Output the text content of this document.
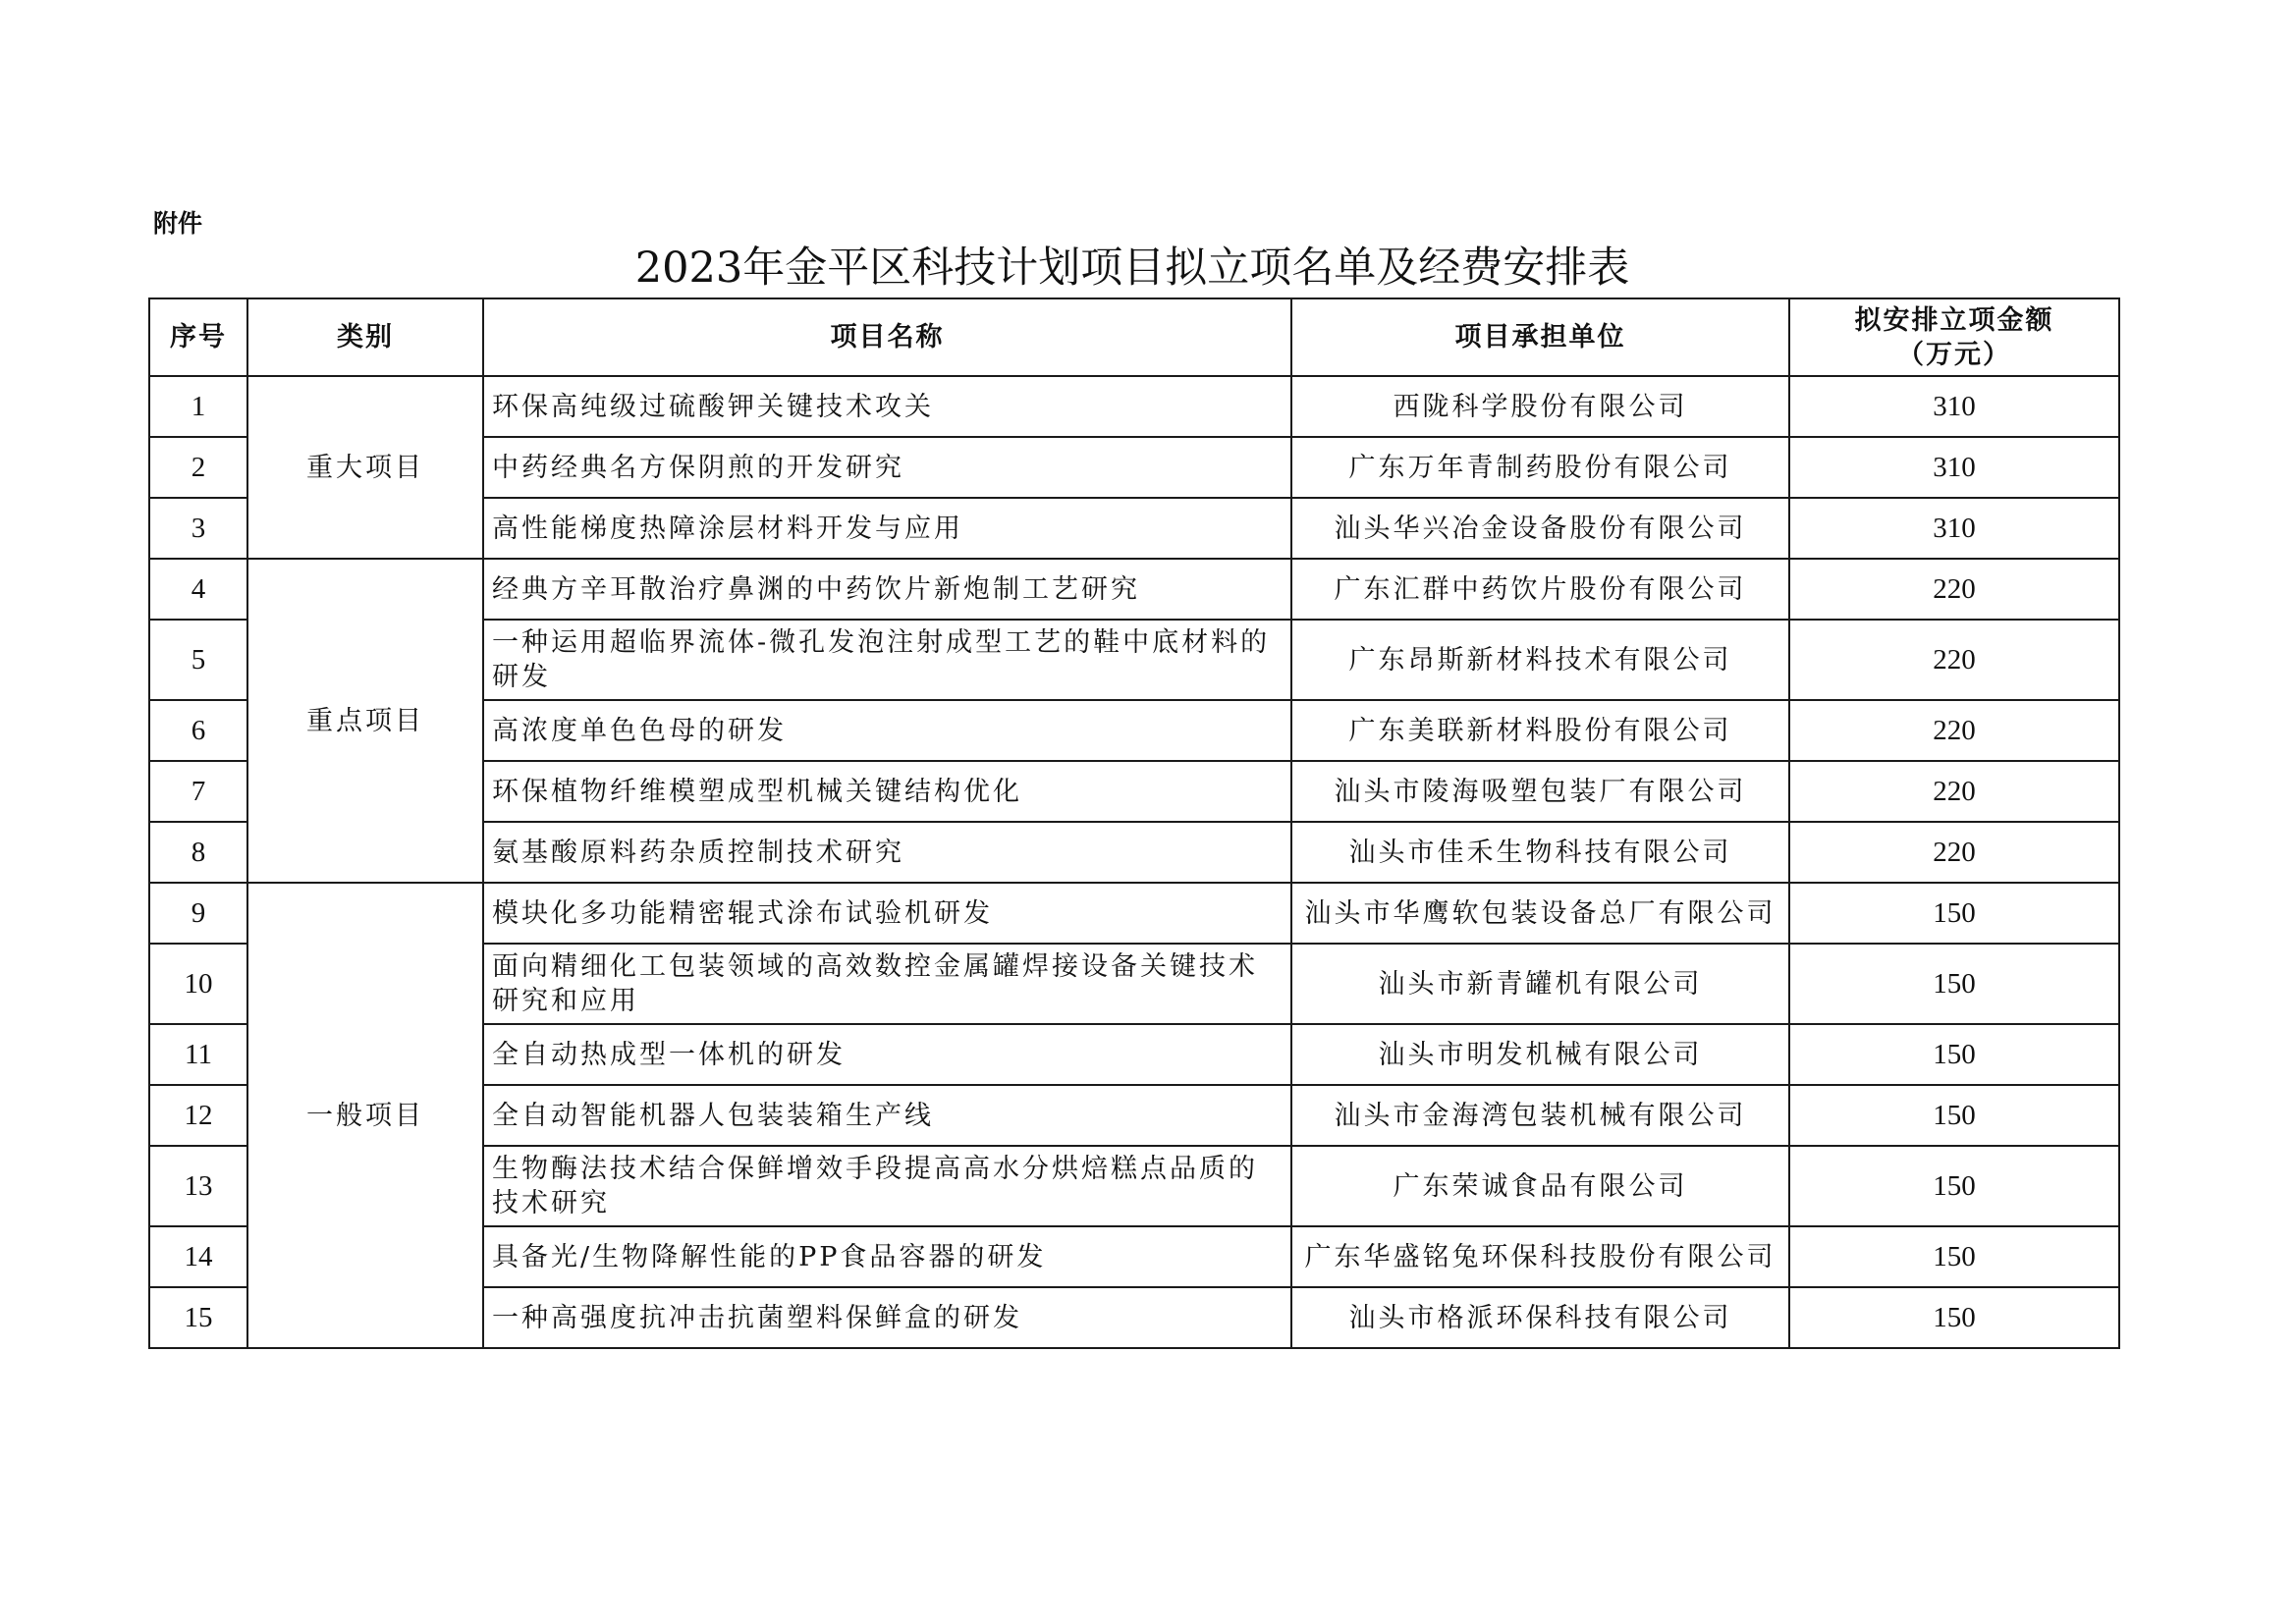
附件
2023年金平区科技计划项目拟立项名单及经费安排表
序号	类别	项目名称	项目承担单位	拟安排立项金额
（万元）

1	重大项目	环保高纯级过硫酸钾关键技术攻关	西陇科学股份有限公司	310
2		中药经典名方保阴煎的开发研究	广东万年青制药股份有限公司	310
3		高性能梯度热障涂层材料开发与应用	汕头华兴冶金设备股份有限公司	310
4	重点项目	经典方辛耳散治疗鼻渊的中药饮片新炮制工艺研究	广东汇群中药饮片股份有限公司	220
5		一种运用超临界流体-微孔发泡注射成型工艺的鞋中底材料的研发	广东昂斯新材料技术有限公司	220
6		高浓度单色色母的研发	广东美联新材料股份有限公司	220
7		环保植物纤维模塑成型机械关键结构优化	汕头市陵海吸塑包装厂有限公司	220
8		氨基酸原料药杂质控制技术研究	汕头市佳禾生物科技有限公司	220
9	一般项目	模块化多功能精密辊式涂布试验机研发	汕头市华鹰软包装设备总厂有限公司	150
10		面向精细化工包装领域的高效数控金属罐焊接设备关键技术研究和应用	汕头市新青罐机有限公司	150
11		全自动热成型一体机的研发	汕头市明发机械有限公司	150
12		全自动智能机器人包装装箱生产线	汕头市金海湾包装机械有限公司	150
13		生物酶法技术结合保鲜增效手段提高高水分烘焙糕点品质的技术研究	广东荣诚食品有限公司	150
14		具备光/生物降解性能的PP食品容器的研发	广东华盛铭兔环保科技股份有限公司	150
15		一种高强度抗冲击抗菌塑料保鲜盒的研发	汕头市格派环保科技有限公司	150
